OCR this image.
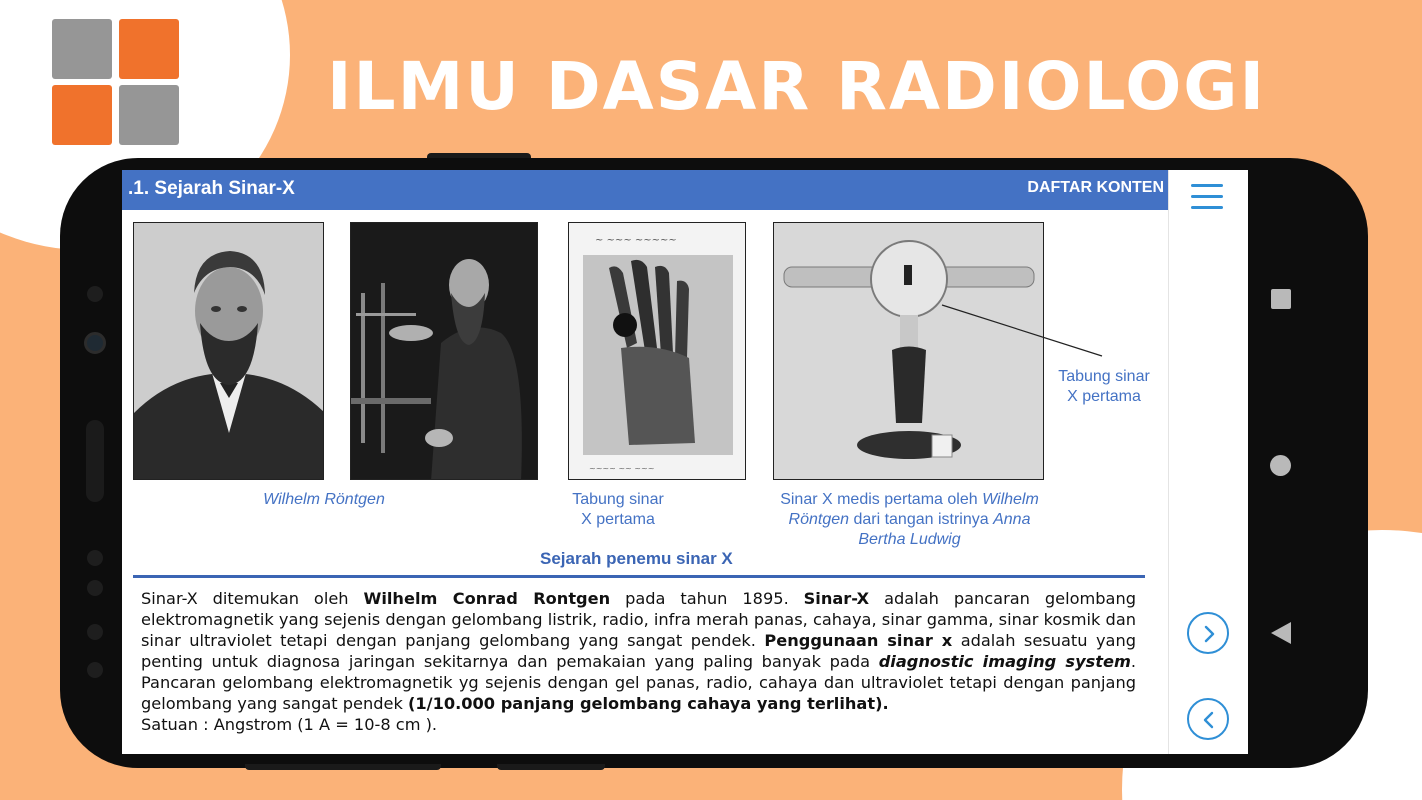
ILMU DASAR RADIOLOGI
.1. Sejarah Sinar-X	DAFTAR KONTEN
~ ~~~ ~~~~~
~~~~ ~~ ~~~
Tabung sinar
X pertama
Wilhelm Röntgen	Tabung sinar
X pertama
Sinar X medis pertama oleh Wilhelm
Röntgen dari tangan istrinya Anna
Bertha Ludwig
Sejarah penemu sinar X
Sinar-X ditemukan oleh Wilhelm Conrad Rontgen pada tahun 1895. Sinar-X adalah pancaran gelombang elektromagnetik yang sejenis dengan gelombang listrik, radio, infra merah panas, cahaya, sinar gamma, sinar kosmik dan sinar ultraviolet tetapi dengan panjang gelombang yang sangat pendek. Penggunaan sinar x adalah sesuatu yang penting untuk diagnosa jaringan sekitarnya dan pemakaian yang paling banyak pada diagnostic imaging system. Pancaran gelombang elektromagnetik yg sejenis dengan gel panas, radio, cahaya dan ultraviolet tetapi dengan panjang gelombang yang sangat pendek (1/10.000 panjang gelombang cahaya yang terlihat).
Satuan : Angstrom (1 A = 10-8 cm ).
